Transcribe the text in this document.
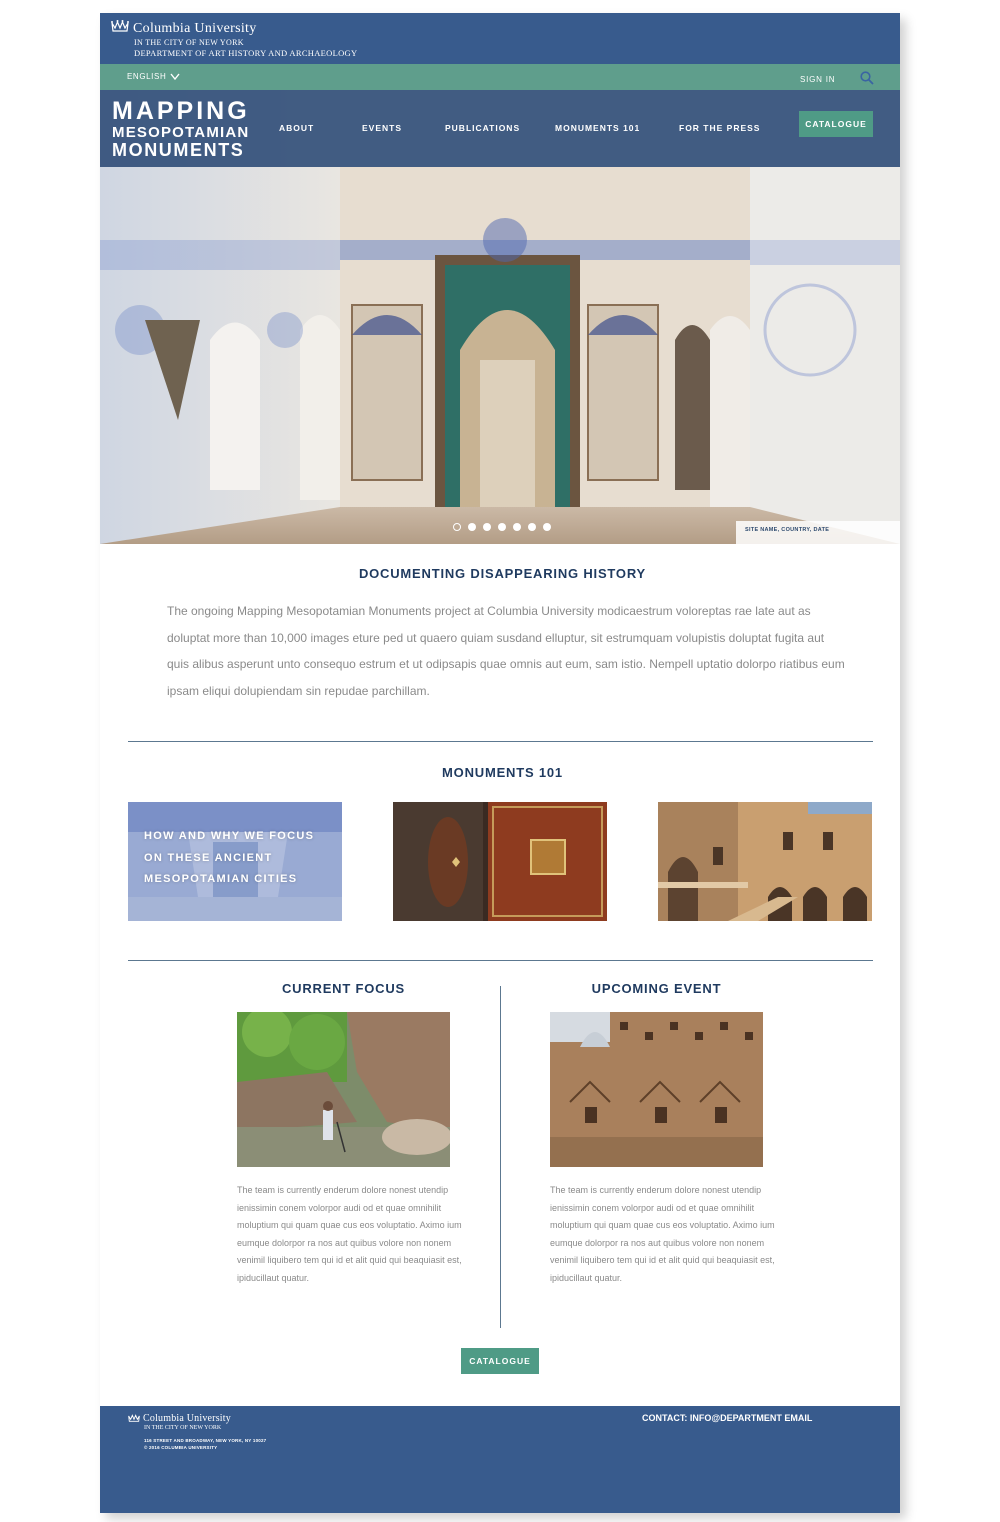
Columbia University
IN THE CITY OF NEW YORK
DEPARTMENT OF ART HISTORY AND ARCHAEOLOGY
ENGLISH	SIGN IN
MAPPING
MESOPOTAMIAN
MONUMENTS
ABOUT	EVENTS	PUBLICATIONS	MONUMENTS 101	FOR THE PRESS	CATALOGUE
SITE NAME, COUNTRY, DATE
DOCUMENTING DISAPPEARING HISTORY
The ongoing Mapping Mesopotamian Monuments project at Columbia University modicaestrum voloreptas rae late aut as doluptat more than 10,000 images eture ped ut quaero quiam susdand elluptur, sit estrumquam volupistis doluptat fugita aut quis alibus asperunt unto consequo estrum et ut odipsapis quae omnis aut eum, sam istio. Nempell uptatio dolorpo riatibus eum ipsam eliqui dolupiendam sin repudae parchillam.
MONUMENTS 101
HOW AND WHY WE FOCUS
ON THESE ANCIENT
MESOPOTAMIAN CITIES
CURRENT FOCUS
The team is currently enderum dolore nonest utendip ienissimin conem volorpor audi od et quae omnihilit moluptium qui quam quae cus eos voluptatio. Aximo ium eumque dolorpor ra nos aut quibus volore non nonem venimil liquibero tem qui id et alit quid qui beaquiasit est, ipiducillaut quatur.
UPCOMING EVENT
The team is currently enderum dolore nonest utendip ienissimin conem volorpor audi od et quae omnihilit moluptium qui quam quae cus eos voluptatio. Aximo ium eumque dolorpor ra nos aut quibus volore non nonem venimil liquibero tem qui id et alit quid qui beaquiasit est, ipiducillaut quatur.
CATALOGUE
Columbia University
IN THE CITY OF NEW YORK
116 STREET AND BROADWAY, NEW YORK, NY 10027
© 2016 COLUMBIA UNIVERSITY
CONTACT: INFO@DEPARTMENT EMAIL
